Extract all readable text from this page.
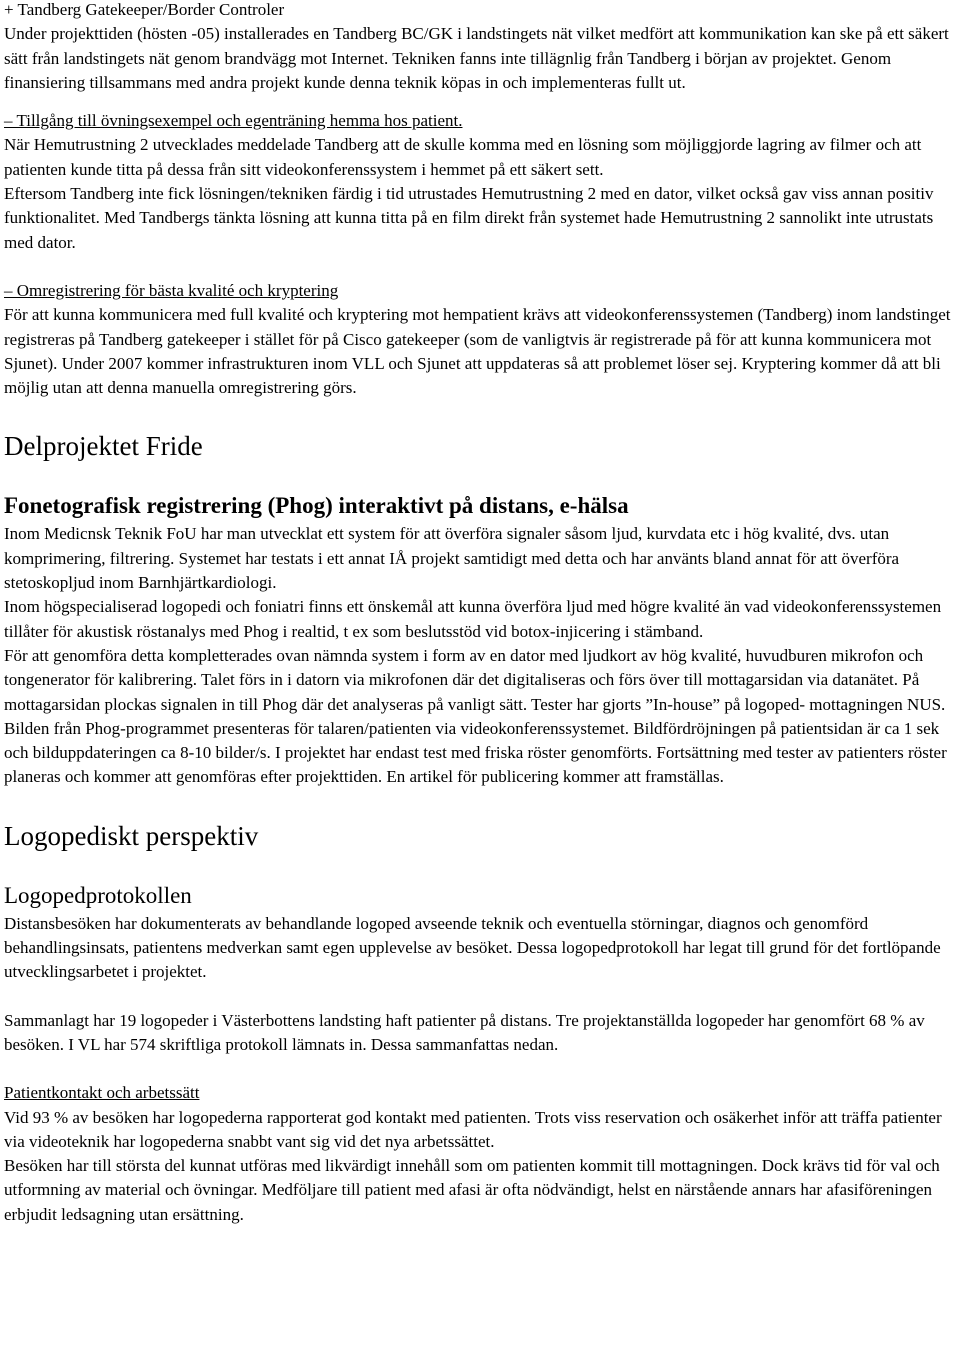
+ Tandberg Gatekeeper/Border Controler

Under projekttiden (hösten -05) installerades en Tandberg BC/GK i landstingets nät vilket medfört att kommunikation kan ske på ett säkert sätt från landstingets nät genom brandvägg mot Internet. Tekniken fanns inte tillägnlig från Tandberg i början av projektet. Genom finansiering tillsammans med andra projekt kunde denna teknik köpas in och implementeras fullt ut.

– Tillgång till övningsexempel och egenträning hemma hos patient.

När Hemutrustning 2 utvecklades meddelade Tandberg att de skulle komma med en lösning som möjliggjorde lagring av filmer och att patienten kunde titta på dessa från sitt videokonferenssystem i hemmet på ett säkert sett.

Eftersom Tandberg inte fick lösningen/tekniken färdig i tid utrustades Hemutrustning 2 med en dator, vilket också gav viss annan positiv funktionalitet. Med Tandbergs tänkta lösning att kunna titta på en film direkt från systemet hade Hemutrustning 2 sannolikt inte utrustats med dator.

– Omregistrering för bästa kvalité och kryptering

För att kunna kommunicera med full kvalité och kryptering mot hempatient krävs att videokonferenssystemen (Tandberg) inom landstinget registreras på Tandberg gatekeeper i stället för på Cisco gatekeeper (som de vanligtvis är registrerade på för att kunna kommunicera mot Sjunet). Under 2007 kommer infrastrukturen inom VLL och Sjunet att uppdateras så att problemet löser sej. Kryptering kommer då att bli möjlig utan att denna manuella omregistrering görs.

Delprojektet Fride
Fonetografisk registrering (Phog) interaktivt på distans, e-hälsa

Inom Medicnsk Teknik FoU har man utvecklat ett system för att överföra signaler såsom ljud, kurvdata etc i hög kvalité, dvs. utan komprimering, filtrering. Systemet har testats i ett annat IÅ projekt samtidigt med detta och har använts bland annat för att överföra stetoskopljud inom Barnhjärtkardiologi.

Inom högspecialiserad logopedi och foniatri finns ett önskemål att kunna överföra ljud med högre kvalité än vad videokonferenssystemen tillåter för akustisk röstanalys med Phog i realtid, t ex som beslutsstöd vid botox-injicering i stämband.

För att genomföra detta kompletterades ovan nämnda system i form av en dator med ljudkort av hög kvalité, huvudburen mikrofon och tongenerator för kalibrering. Talet förs in i datorn via mikrofonen där det digitaliseras och förs över till mottagarsidan via datanätet. På mottagarsidan plockas signalen in till Phog där det analyseras på vanligt sätt. Tester har gjorts ”In-house” på logoped- mottagningen NUS. Bilden från Phog-programmet presenteras för talaren/patienten via videokonferenssystemet. Bildfördröjningen på patientsidan är ca 1 sek och bilduppdateringen ca 8-10 bilder/s. I projektet har endast test med friska röster genomförts. Fortsättning med tester av patienters röster planeras och kommer att genomföras efter projekttiden. En artikel för publicering kommer att framställas.

Logopediskt perspektiv
Logopedprotokollen

Distansbesöken har dokumenterats av behandlande logoped avseende teknik och eventuella störningar, diagnos och genomförd behandlingsinsats, patientens medverkan samt egen upplevelse av besöket. Dessa logopedprotokoll har legat till grund för det fortlöpande utvecklingsarbetet i projektet.

Sammanlagt har 19 logopeder i Västerbottens landsting haft patienter på distans. Tre projektanställda logopeder har genomfört 68 % av besöken. I VL har 574 skriftliga protokoll lämnats in. Dessa sammanfattas nedan.

Patientkontakt och arbetssätt

Vid 93 % av besöken har logopederna rapporterat god kontakt med patienten. Trots viss reservation och osäkerhet inför att träffa patienter via videoteknik har logopederna snabbt vant sig vid det nya arbetssättet.

Besöken har till största del kunnat utföras med likvärdigt innehåll som om patienten kommit till mottagningen. Dock krävs tid för val och utformning av material och övningar. Medföljare till patient med afasi är ofta nödvändigt, helst en närstående annars har afasiföreningen erbjudit ledsagning utan ersättning.
